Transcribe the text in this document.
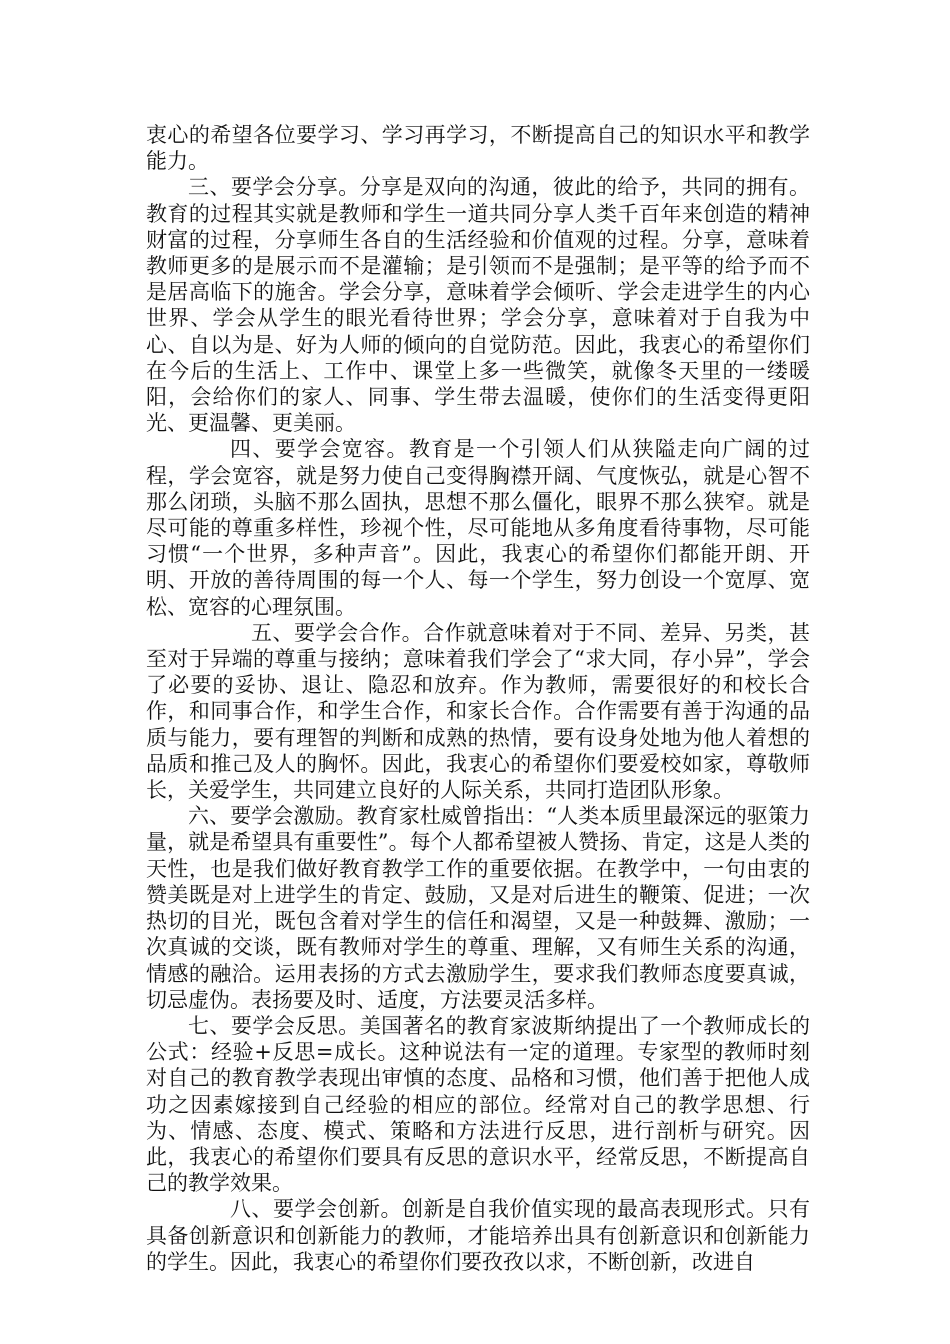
衷心的希望各位要学习、学习再学习，不断提高自己的知识水平和教学能力。

三、要学会分享。分享是双向的沟通，彼此的给予，共同的拥有。教育的过程其实就是教师和学生一道共同分享人类千百年来创造的精神财富的过程，分享师生各自的生活经验和价值观的过程。分享，意味着教师更多的是展示而不是灌输；是引领而不是强制；是平等的给予而不是居高临下的施舍。学会分享，意味着学会倾听、学会走进学生的内心世界、学会从学生的眼光看待世界；学会分享，意味着对于自我为中心、自以为是、好为人师的倾向的自觉防范。因此，我衷心的希望你们在今后的生活上、工作中、课堂上多一些微笑，就像冬天里的一缕暖阳，会给你们的家人、同事、学生带去温暖，使你们的生活变得更阳光、更温馨、更美丽。

四、要学会宽容。教育是一个引领人们从狭隘走向广阔的过程，学会宽容，就是努力使自己变得胸襟开阔、气度恢弘，就是心智不那么闭琐，头脑不那么固执，思想不那么僵化，眼界不那么狭窄。就是尽可能的尊重多样性，珍视个性，尽可能地从多角度看待事物，尽可能习惯“一个世界，多种声音”。因此，我衷心的希望你们都能开朗、开明、开放的善待周围的每一个人、每一个学生，努力创设一个宽厚、宽松、宽容的心理氛围。

五、要学会合作。合作就意味着对于不同、差异、另类，甚至对于异端的尊重与接纳；意味着我们学会了“求大同，存小异”，学会了必要的妥协、退让、隐忍和放弃。作为教师，需要很好的和校长合作，和同事合作，和学生合作，和家长合作。合作需要有善于沟通的品质与能力，要有理智的判断和成熟的热情，要有设身处地为他人着想的品质和推己及人的胸怀。因此，我衷心的希望你们要爱校如家，尊敬师长，关爱学生，共同建立良好的人际关系，共同打造团队形象。

六、要学会激励。教育家杜威曾指出：“人类本质里最深远的驱策力量，就是希望具有重要性”。每个人都希望被人赞扬、肯定，这是人类的天性，也是我们做好教育教学工作的重要依据。在教学中，一句由衷的赞美既是对上进学生的肯定、鼓励，又是对后进生的鞭策、促进；一次热切的目光，既包含着对学生的信任和渴望，又是一种鼓舞、激励；一次真诚的交谈，既有教师对学生的尊重、理解，又有师生关系的沟通，情感的融洽。运用表扬的方式去激励学生，要求我们教师态度要真诚，切忌虚伪。表扬要及时、适度，方法要灵活多样。

七、要学会反思。美国著名的教育家波斯纳提出了一个教师成长的公式：经验+反思=成长。这种说法有一定的道理。专家型的教师时刻对自己的教育教学表现出审慎的态度、品格和习惯，他们善于把他人成功之因素嫁接到自己经验的相应的部位。经常对自己的教学思想、行为、情感、态度、模式、策略和方法进行反思，进行剖析与研究。因此，我衷心的希望你们要具有反思的意识水平，经常反思，不断提高自己的教学效果。

八、要学会创新。创新是自我价值实现的最高表现形式。只有具备创新意识和创新能力的教师，才能培养出具有创新意识和创新能力的学生。因此，我衷心的希望你们要孜孜以求，不断创新，改进自
